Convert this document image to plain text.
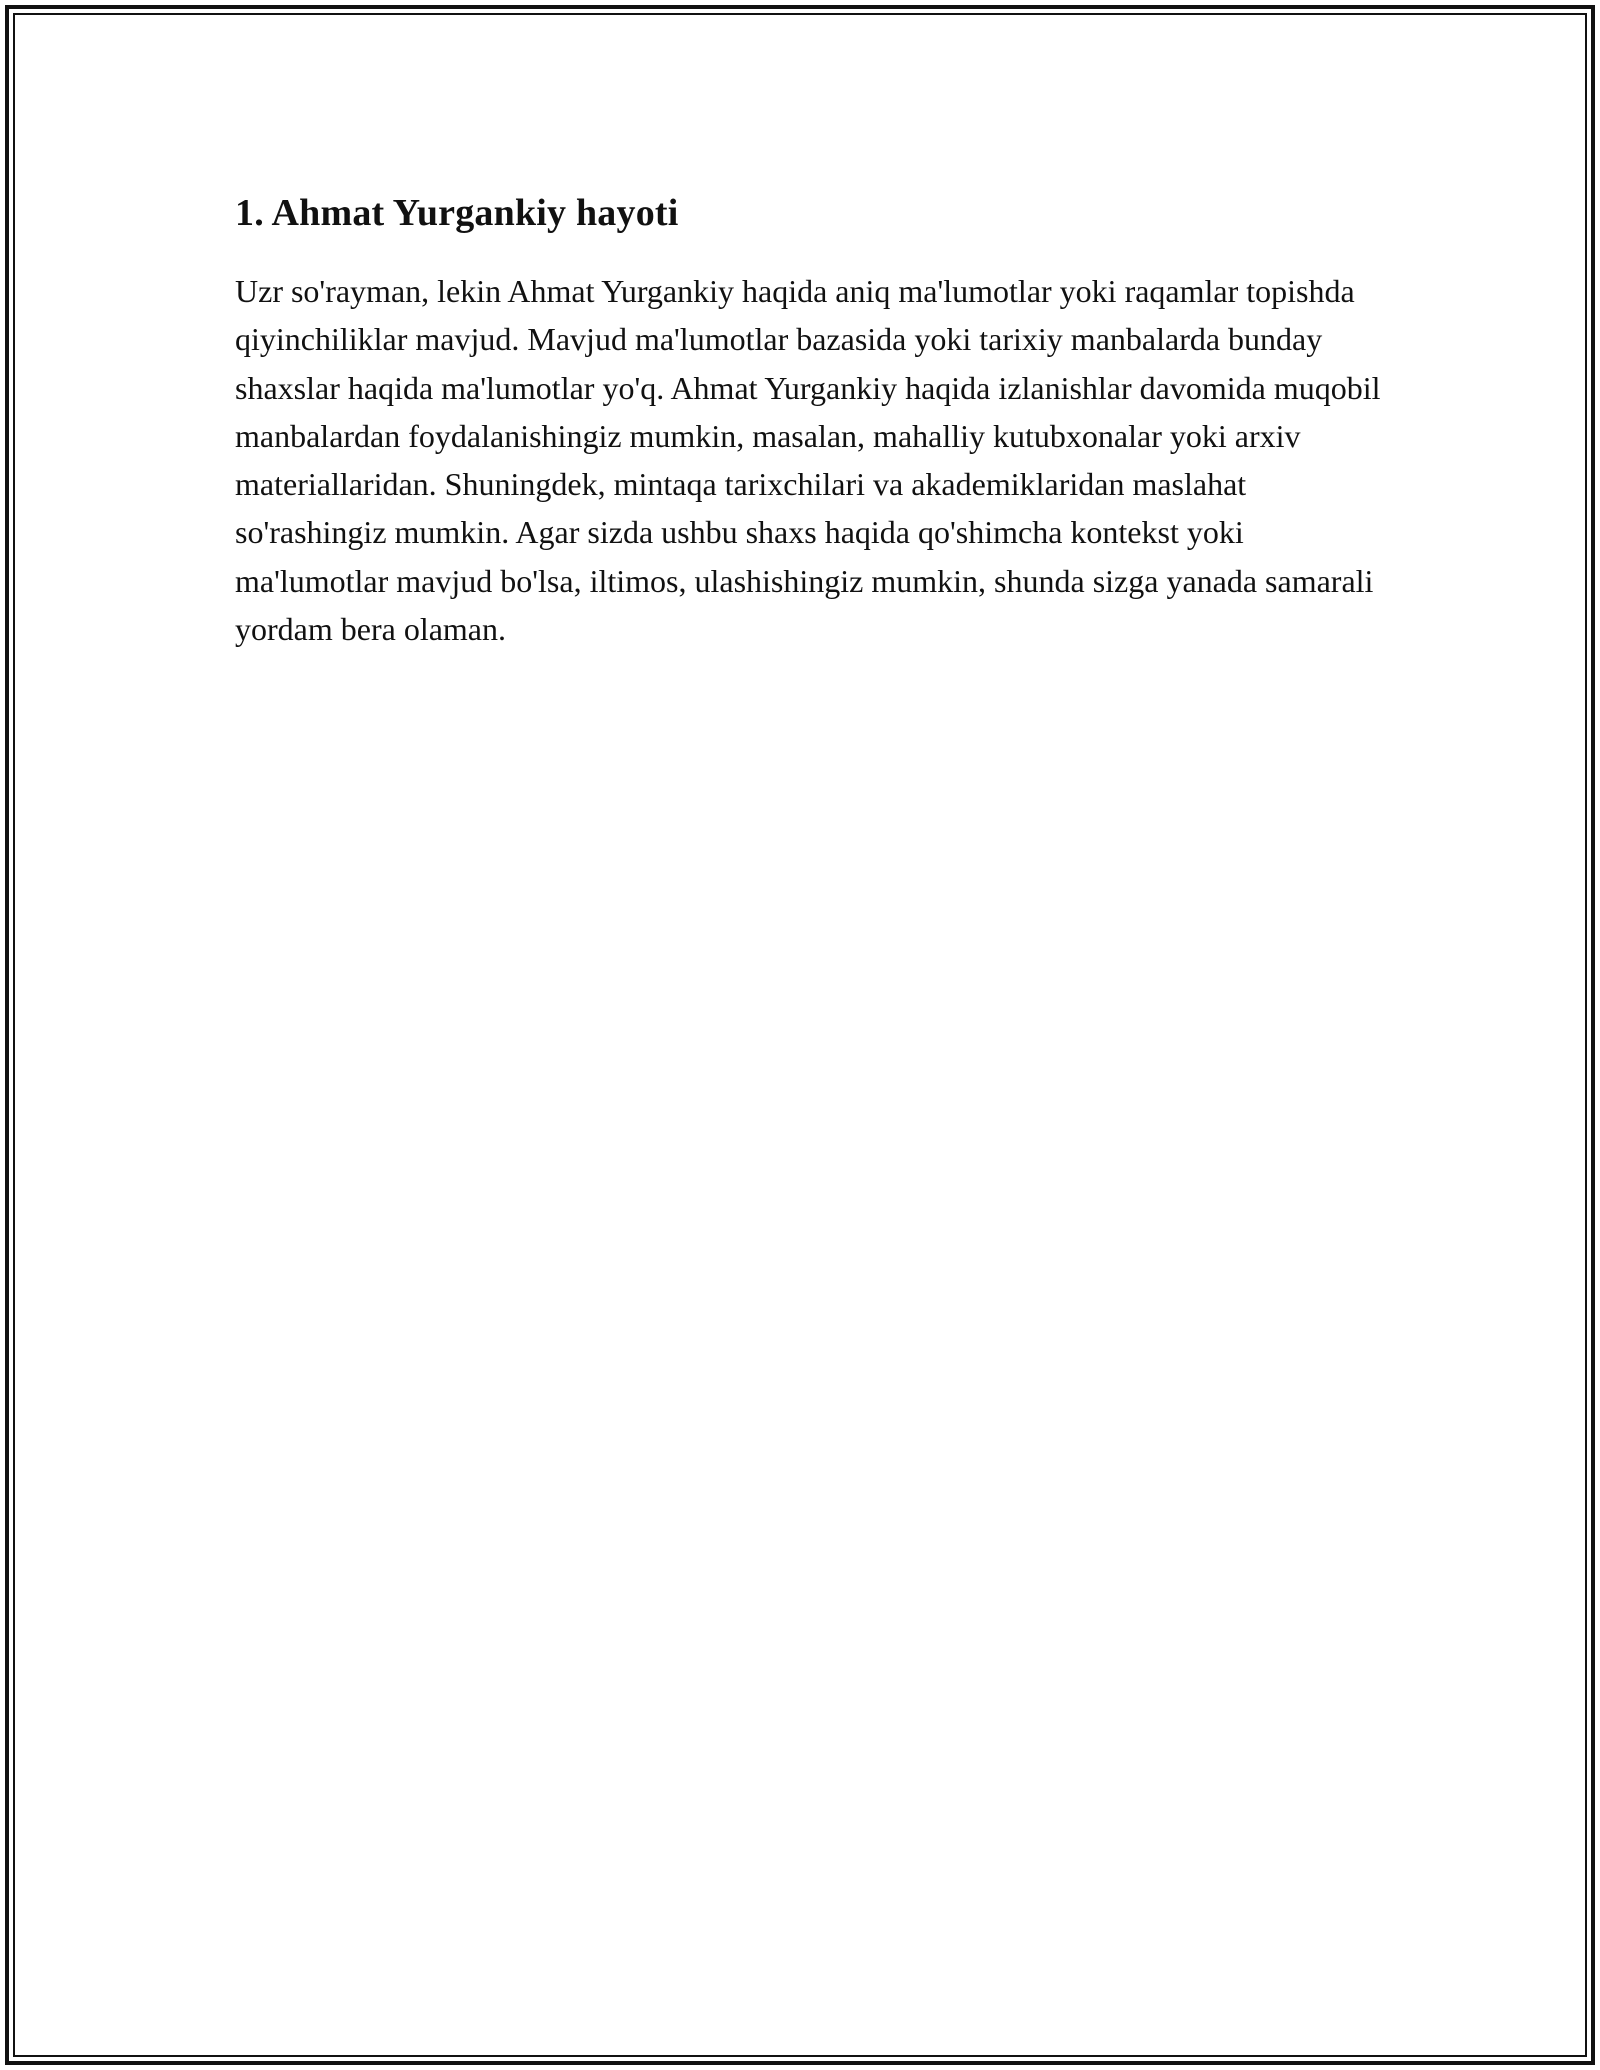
1. Ahmat Yurgankiy hayoti

Uzr so'rayman, lekin Ahmat Yurgankiy haqida aniq ma'lumotlar yoki raqamlar topishda qiyinchiliklar mavjud. Mavjud ma'lumotlar bazasida yoki tarixiy manbalarda bunday shaxslar haqida ma'lumotlar yo'q. Ahmat Yurgankiy haqida izlanishlar davomida muqobil manbalardan foydalanishingiz mumkin, masalan, mahalliy kutubxonalar yoki arxiv materiallaridan. Shuningdek, mintaqa tarixchilari va akademiklaridan maslahat so'rashingiz mumkin. Agar sizda ushbu shaxs haqida qo'shimcha kontekst yoki ma'lumotlar mavjud bo'lsa, iltimos, ulashishingiz mumkin, shunda sizga yanada samarali yordam bera olaman.
